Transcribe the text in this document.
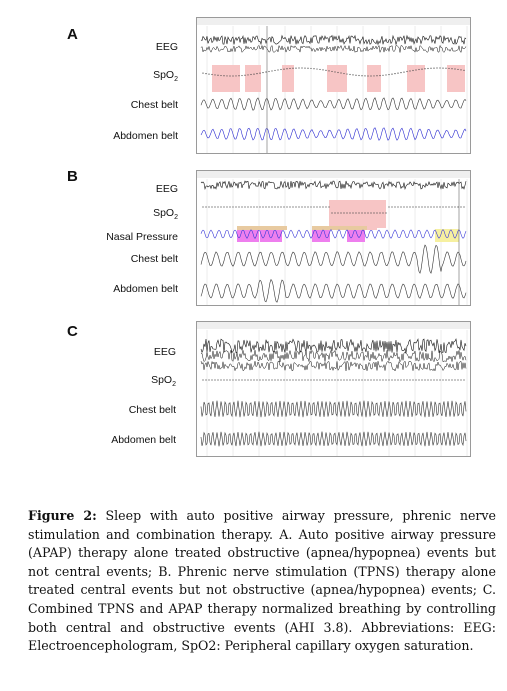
A
EEG
SpO$_2$
Chest belt
Abdomen belt
B
EEG
SpO$_2$
Nasal Pressure
Chest belt
Abdomen belt
C
EEG
SpO$_2$
Chest belt
Abdomen belt
Figure 2: Sleep with auto positive airway pressure, phrenic nerve stimulation and combination therapy. A. Auto positive airway pressure (APAP) therapy alone treated obstructive (apnea/hypopnea) events but not central events; B. Phrenic nerve stimulation (TPNS) therapy alone treated central events but not obstructive (apnea/hypopnea) events; C. Combined TPNS and APAP therapy normalized breathing by controlling both central and obstructive events (AHI 3.8). Abbreviations: EEG: Electroencephologram, SpO2: Peripheral capillary oxygen saturation.
